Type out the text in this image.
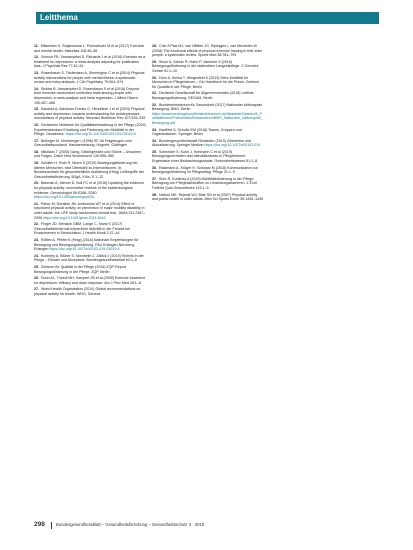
Leitthema

11. Mikkelsen K, Stojanovska L, Polenakovic M et al (2017) Exercise and mental health. Maturitas 106:48–56

12. Schuch FB, Vancampfort D, Richards J et al (2016) Exercise as a treatment for depression: a meta-analysis adjusting for publication bias. J Psychiatr Res 77:42–51

13. Rosenbaum S, Tiedemann A, Sherrington C et al (2014) Physical activity interventions for people with mental illness: a systematic review and meta-analysis. J Clin Psychiatry 75:964–974

14. Stubbs B, Vancampfort D, Rosenbaum S et al (2016) Dropout from exercise randomized controlled trials among people with depression: a meta-analysis and meta regression. J Affect Disord 190:457–466

15. Kandola A, Ashdown-Franks G, Hendrikse J et al (2019) Physical activity and depression: towards understanding the antidepressant mechanisms of physical activity. Neurosci Biobehav Rev 107:525–539

16. Deutsches Netzwerk für Qualitätsentwicklung in der Pflege (2019) Expertenstandard Erhaltung und Förderung der Mobilität in der Pflege. Osnabrück. https://doi.org/10.1007/s00103-019-03019-8

17. Bullinger M, Kirchberger I (1998) SF-36 Fragebogen zum Gesundheitszustand. Handanweisung. Hogrefe, Göttingen

18. Nikolaus T (2005) Gang, Gleichgewicht und Stürze – Ursachen und Folgen. Dtsch Med Wochenschr 130:958–960

19. Schäfer H, Roth R, Wurm S (2019) Bewegungsförderung bei älteren Menschen: eine Übersicht zu Interventionen. In: Bundeszentrale für gesundheitliche Aufklärung (Hrsg) Leitbegriffe der Gesundheitsförderung. BZgA, Köln, S 1–12

20. Bauman A, Merom D, Bull FC et al (2016) Updating the evidence for physical activity: summative reviews of the epidemiological evidence. Gerontologist 56:S268–S280 https://doi.org/10.1093/geront/gnw031

21. Pahor M, Guralnik JM, Ambrosius WT et al (2014) Effect of structured physical activity on prevention of major mobility disability in older adults: the LIFE study randomized clinical trial. JAMA 311:2387–2396 https://doi.org/10.1001/jama.2014.5616

22. Finger JD, Mensink GBM, Lange C, Manz K (2017) Gesundheitsfördernde körperliche Aktivität in der Freizeit bei Erwachsenen in Deutschland. J Health Monit 2:37–44

23. Rütten A, Pfeifer K (Hrsg) (2016) Nationale Empfehlungen für Bewegung und Bewegungsförderung. FAU Erlangen-Nürnberg, Erlangen https://doi.org/10.1007/s00103-019-03019-8

24. Kuhlmey A, Blüher S, Nordheim J, Zöllick J (2019) Technik in der Pflege – Einsatz und Akzeptanz. Bundesgesundheitsblatt 62:1–8

25. Zentrum für Qualität in der Pflege (2016) ZQP-Report Bewegungsförderung in der Pflege. ZQP, Berlin

26. Dunn AL, Trivedi MH, Kampert JB et al (2005) Exercise treatment for depression: efficacy and dose response. Am J Prev Med 28:1–8

27. World Health Organization (2010) Global recommendations on physical activity for health. WHO, Geneva

28. Chin A Paw MJ, van Uffelen JG, Riphagen I, van Mechelen W (2008) The functional effects of physical exercise training in frail older people: a systematic review. Sports Med 38:781–793

29. Stock A, Schulz R, Hahn P, Vanherle S (2018) Bewegungsförderung in der stationären Langzeitpflege. Z Gerontol Geriatr 51:1–10

30. Horn A, Kleina T, Wingenfeld K (2013) Mehr Mobilität für Menschen in Pflegeheimen – Ein Handbuch für die Praxis. Zentrum für Qualität in der Pflege, Berlin

31. Deutsche Gesellschaft für Allgemeinmedizin (2018) Leitlinie Bewegungsförderung. DEGAM, Berlin

32. Bundesministerium für Gesundheit (2017) Nationaler Aktionsplan Bewegung. BMG, Berlin https://www.bundesgesundheitsministerium.de/fileadmin/Dateien/5_Publikationen/Praevention/Broschueren/BMG_Nationaler_Aktionsplan_Bewegung.pdf

33. Kauffeld S, Schulte EM (2018) Teams, Gruppen und Organisationen. Springer, Berlin

34. Bundesgesundheitsblatt Redaktion (2019) Zitierweise und Aktualisierung. Springer Medizin https://doi.org/10.1007/s00103-019

35. Schneider S, Kuhn J, Hohmann C et al (2019) Bewegungsverhalten und Aktivitätsniveau in Pflegeheimen: Ergebnisse einer Beobachtungsstudie. Gesundheitswesen 81:1–8

36. Ratzmann A, Kröger H, Schwarz M (2018) Kommunikation zur Bewegungsförderung im Pflegealltag. Pflege 31:1–9

37. Suhr R, Kuhlmey A (2019) Mobilitätsförderung in der Pflege: Befragung von Pflegefachkräften zu Umsetzungsbarrieren. Z Evid Fortbild Qual Gesundhwes 143:1–9

38. Nelson ME, Rejeski WJ, Blair SN et al (2007) Physical activity and public health in older adults. Med Sci Sports Exerc 39:1435–1445

298	Bundesgesundheitsblatt – Gesundheitsforschung – Gesundheitsschutz 3 · 2019
